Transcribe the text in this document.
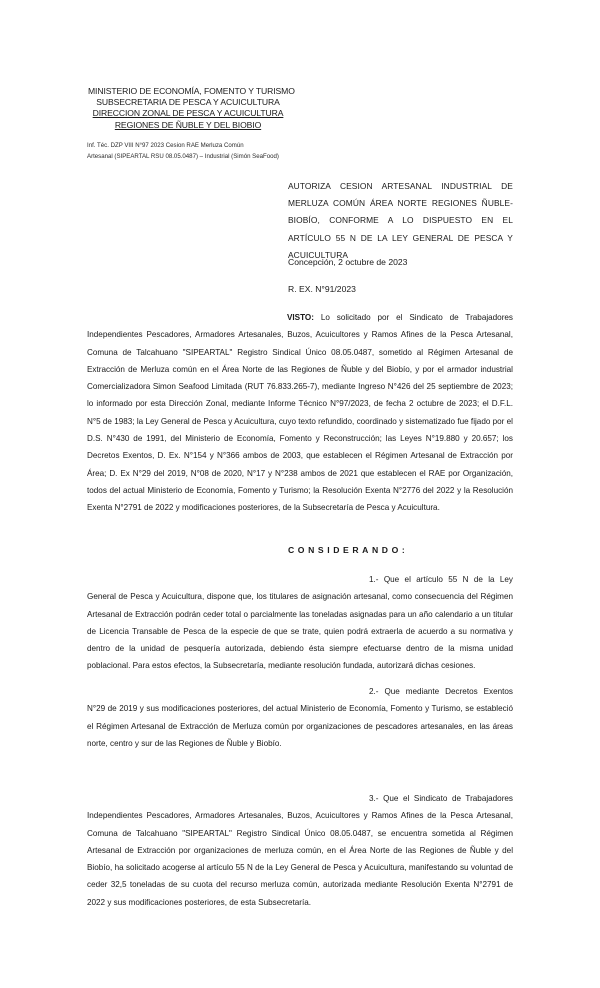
MINISTERIO DE ECONOMÍA, FOMENTO Y TURISMO
SUBSECRETARIA DE PESCA Y ACUICULTURA
DIRECCION ZONAL DE PESCA Y ACUICULTURA
REGIONES DE ÑUBLE Y DEL BIOBIO
Inf. Téc. DZP VIII N°97 2023 Cesion RAE Merluza Común
Artesanal (SIPEARTAL RSU 08.05.0487) – Industrial (Simón SeaFood)
AUTORIZA CESION ARTESANAL INDUSTRIAL DE MERLUZA COMÚN ÁREA NORTE REGIONES ÑUBLE-BIOBÍO, CONFORME A LO DISPUESTO EN EL ARTÍCULO 55 N DE LA LEY GENERAL DE PESCA Y ACUICULTURA
Concepción, 2 octubre de 2023
R. EX. N°91/2023
VISTO: Lo solicitado por el Sindicato de Trabajadores Independientes Pescadores, Armadores Artesanales, Buzos, Acuicultores y Ramos Afines de la Pesca Artesanal, Comuna de Talcahuano "SIPEARTAL" Registro Sindical Único 08.05.0487, sometido al Régimen Artesanal de Extracción de Merluza común en el Área Norte de las Regiones de Ñuble y del Biobío, y por el armador industrial Comercializadora Simon Seafood Limitada (RUT 76.833.265-7), mediante Ingreso N°426 del 25 septiembre de 2023; lo informado por esta Dirección Zonal, mediante Informe Técnico N°97/2023, de fecha 2 octubre de 2023; el D.F.L. N°5 de 1983; la Ley General de Pesca y Acuicultura, cuyo texto refundido, coordinado y sistematizado fue fijado por el D.S. N°430 de 1991, del Ministerio de Economía, Fomento y Reconstrucción; las Leyes N°19.880 y 20.657; los Decretos Exentos, D. Ex. N°154 y N°366 ambos de 2003, que establecen el Régimen Artesanal de Extracción por Área; D. Ex N°29 del 2019, N°08 de 2020, N°17 y N°238 ambos de 2021 que establecen el RAE por Organización, todos del actual Ministerio de Economía, Fomento y Turismo; la Resolución Exenta N°2776 del 2022 y la Resolución Exenta N°2791 de 2022 y modificaciones posteriores, de la Subsecretaría de Pesca y Acuicultura.
CONSIDERANDO:
1.- Que el artículo 55 N de la Ley General de Pesca y Acuicultura, dispone que, los titulares de asignación artesanal, como consecuencia del Régimen Artesanal de Extracción podrán ceder total o parcialmente las toneladas asignadas para un año calendario a un titular de Licencia Transable de Pesca de la especie de que se trate, quien podrá extraerla de acuerdo a su normativa y dentro de la unidad de pesquería autorizada, debiendo ésta siempre efectuarse dentro de la misma unidad poblacional. Para estos efectos, la Subsecretaría, mediante resolución fundada, autorizará dichas cesiones.
2.- Que mediante Decretos Exentos N°29 de 2019 y sus modificaciones posteriores, del actual Ministerio de Economía, Fomento y Turismo, se estableció el Régimen Artesanal de Extracción de Merluza común por organizaciones de pescadores artesanales, en las áreas norte, centro y sur de las Regiones de Ñuble y Biobío.
3.- Que el Sindicato de Trabajadores Independientes Pescadores, Armadores Artesanales, Buzos, Acuicultores y Ramos Afines de la Pesca Artesanal, Comuna de Talcahuano "SIPEARTAL" Registro Sindical Único 08.05.0487, se encuentra sometida al Régimen Artesanal de Extracción por organizaciones de merluza común, en el Área Norte de las Regiones de Ñuble y del Biobío, ha solicitado acogerse al artículo 55 N de la Ley General de Pesca y Acuicultura, manifestando su voluntad de ceder 32,5 toneladas de su cuota del recurso merluza común, autorizada mediante Resolución Exenta N°2791 de 2022 y sus modificaciones posteriores, de esta Subsecretaría.
